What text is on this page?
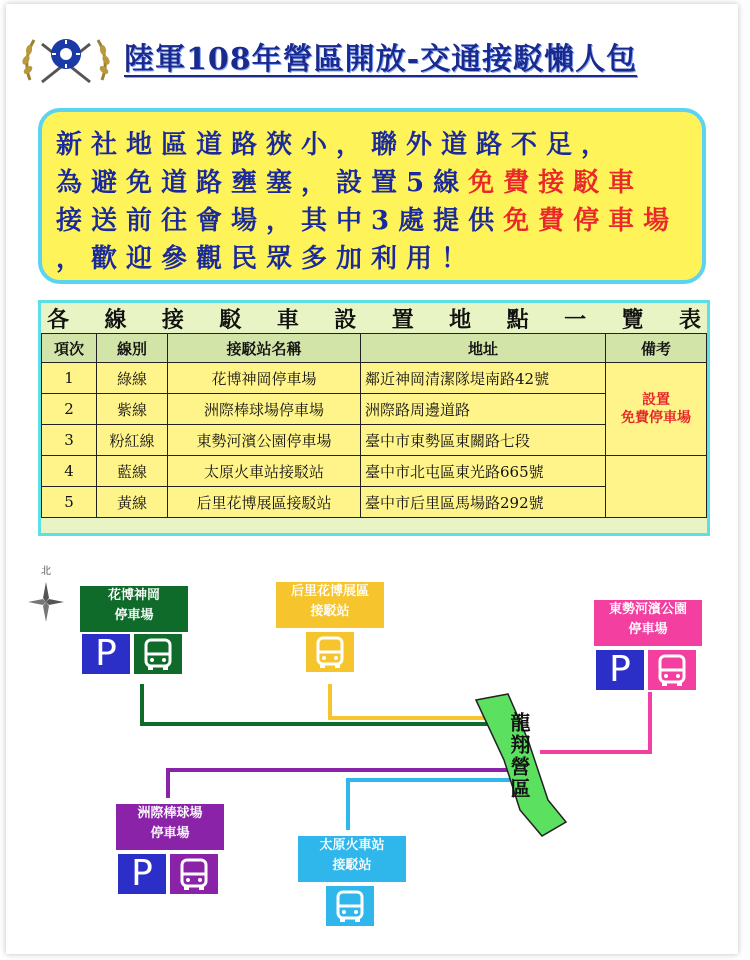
陸軍108年營區開放-交通接駁懶人包
新社地區道路狹小，聯外道路不足，
為避免道路壅塞，設置5線免費接駁車
接送前往會場，其中3處提供免費停車場
，歡迎參觀民眾多加利用！
各 線 接 駁 車 設 置 地 點 一 覽 表
項次	線別	接駁站名稱	地址	備考
1	綠線	花博神岡停車場	鄰近神岡清潔隊堤南路42號	設置
免費停車場

2	紫線	洲際棒球場停車場	洲際路周邊道路	
3	粉紅線	東勢河濱公園停車場	臺中市東勢區東關路七段	
4	藍線	太原火車站接駁站	臺中市北屯區東光路665號	
5	黃線	后里花博展區接駁站	臺中市后里區馬場路292號	
北
龍翔營區
花博神岡
停車場
P
后里花博展區
接駁站	東勢河濱公園
停車場
P
洲際棒球場
停車場
P
太原火車站
接駁站
